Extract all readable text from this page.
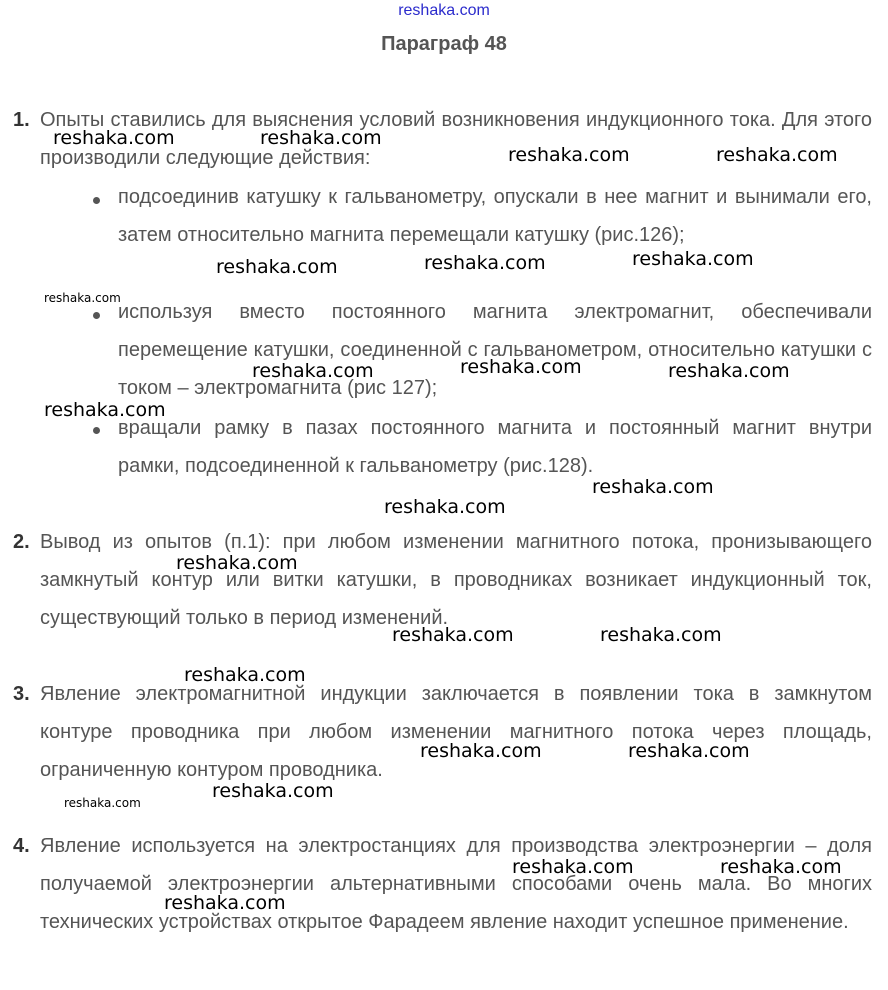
reshaka.com
Параграф 48
1. Опыты ставились для выяснения условий возникновения индукционного тока. Для этого производили следующие действия:
подсоединив катушку к гальванометру, опускали в нее магнит и вынимали его, затем относительно магнита перемещали катушку (рис.126);
используя вместо постоянного магнита электромагнит, обеспечивали перемещение катушки, соединенной с гальванометром, относительно катушки с током – электромагнита (рис 127);
вращали рамку в пазах постоянного магнита и постоянный магнит внутри рамки, подсоединенной к гальванометру (рис.128).
2. Вывод из опытов (п.1): при любом изменении магнитного потока, пронизывающего замкнутый контур или витки катушки, в проводниках возникает индукционный ток, существующий только в период изменений.
3. Явление электромагнитной индукции заключается в появлении тока в замкнутом контуре проводника при любом изменении магнитного потока через площадь, ограниченную контуром проводника.
4. Явление используется на электростанциях для производства электроэнергии – доля получаемой электроэнергии альтернативными способами очень мала. Во многих технических устройствах открытое Фарадеем явление находит успешное применение.
reshaka.com	reshaka.com
reshaka.com	reshaka.com
reshaka.com	reshaka.com	reshaka.com
reshaka.com
reshaka.com	reshaka.com	reshaka.com
reshaka.com
reshaka.com
reshaka.com
reshaka.com
reshaka.com	reshaka.com
reshaka.com
reshaka.com	reshaka.com
reshaka.com
reshaka.com
reshaka.com	reshaka.com
reshaka.com
